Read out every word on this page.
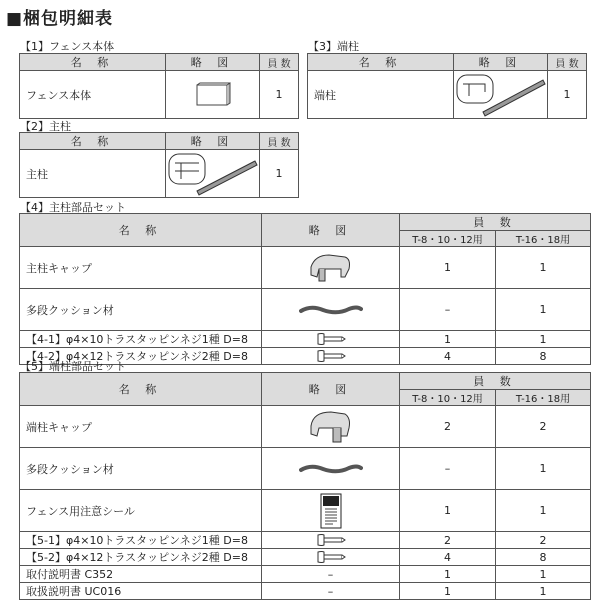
■梱包明細表
【1】フェンス本体
名 称	略 図	員 数
フェンス本体		1
【3】端柱
名 称	略 図	員 数
端柱		1
【2】主柱
名 称	略 図	員 数
主柱		1
【4】主柱部品セット
名 称	略 図	員 数	
		T-8・10・12用	T-16・18用
主柱キャップ		1	1
多段クッション材		–	1
【4-1】φ4×10トラスタッピンネジ1種 D=8		1	1
【4-2】φ4×12トラスタッピンネジ2種 D=8		4	8
【5】端柱部品セット
名 称	略 図	員 数	
		T-8・10・12用	T-16・18用
端柱キャップ		2	2
多段クッション材		–	1
フェンス用注意シール		1	1
【5-1】φ4×10トラスタッピンネジ1種 D=8		2	2
【5-2】φ4×12トラスタッピンネジ2種 D=8		4	8
取付説明書 C352	–	1	1
取扱説明書 UC016	–	1	1
